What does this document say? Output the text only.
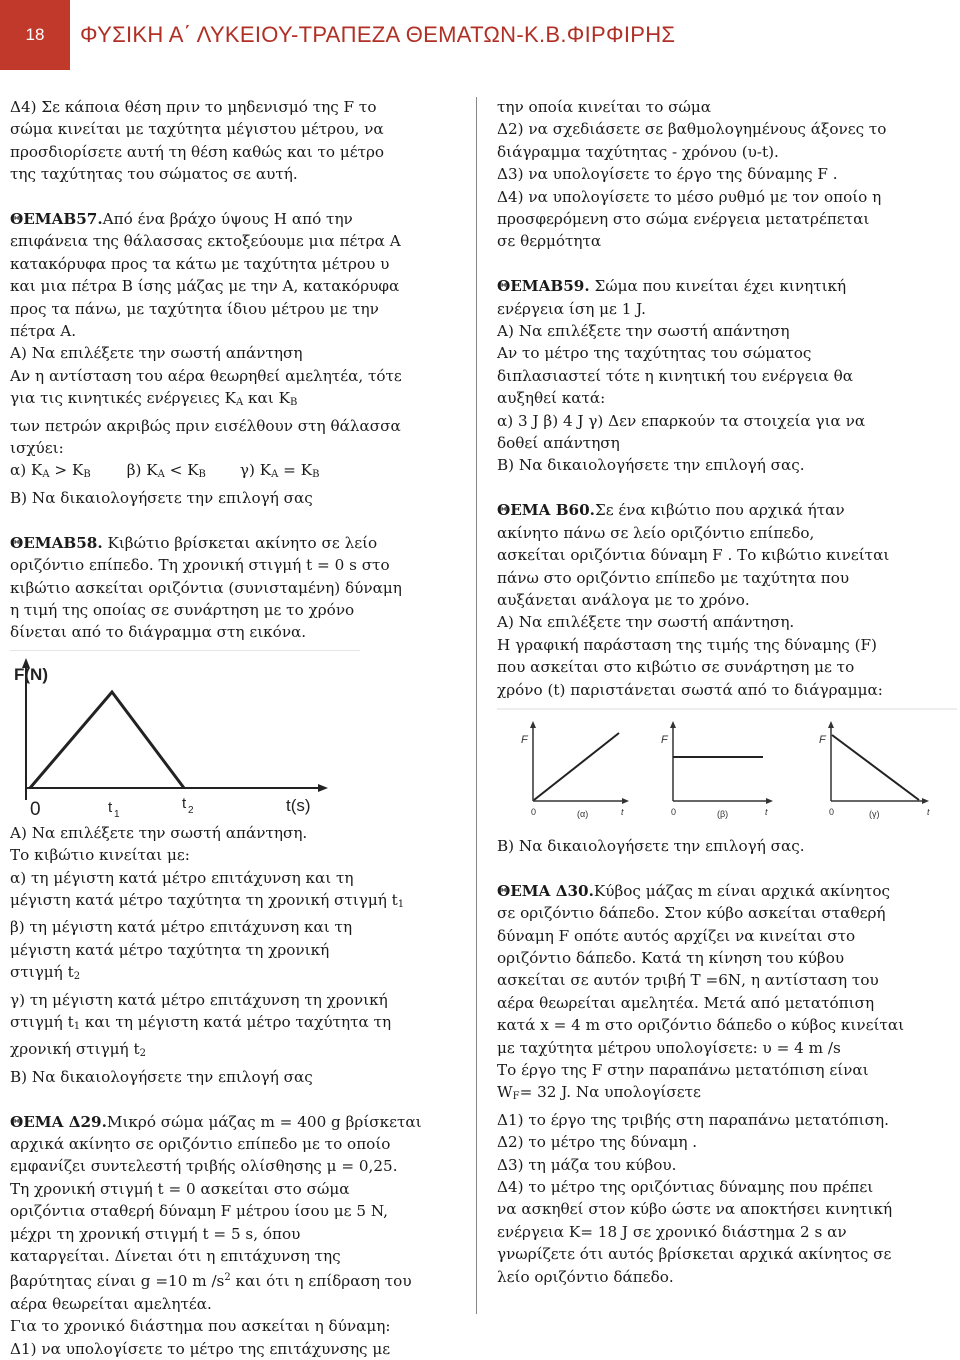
18	ΦΥΣΙΚΗ Α΄ ΛΥΚΕΙΟΥ-ΤΡΑΠΕΖΑ ΘΕΜΑΤΩΝ-Κ.Β.ΦΙΡΦΙΡΗΣ

Δ4) Σε κάποια θέση πριν το μηδενισμό της F το

σώμα κινείται με ταχύτητα μέγιστου μέτρου, να

προσδιορίσετε αυτή τη θέση καθώς και το μέτρο

της ταχύτητας του σώματος σε αυτή.

ΘΕΜΑΒ57.Από ένα βράχο ύψους Η από την

επιφάνεια της θάλασσας εκτοξεύουμε μια πέτρα Α

κατακόρυφα προς τα κάτω με ταχύτητα μέτρου υ

και μια πέτρα Β ίσης μάζας με την Α, κατακόρυφα

προς τα πάνω, με ταχύτητα ίδιου μέτρου με την

πέτρα Α.

Α) Να επιλέξετε την σωστή απάντηση

Αν η αντίσταση του αέρα θεωρηθεί αμελητέα, τότε

για τις κινητικές ενέργειες $K_A$ και $K_B$

των πετρών ακριβώς πριν εισέλθουν στη θάλασσα

ισχύει:

α) $K_A > K_B$ β) $K_A < K_B$ γ) $K_A = K_B$

Β) Να δικαιολογήσετε την επιλογή σας

ΘΕΜΑΒ58. Κιβώτιο βρίσκεται ακίνητο σε λείο

οριζόντιο επίπεδο. Τη χρονική στιγμή t = 0 s στο

κιβώτιο ασκείται οριζόντια (συνισταμένη) δύναμη

η τιμή της οποίας σε συνάρτηση με το χρόνο

δίνεται από το διάγραμμα στη εικόνα.

F(N)
0	t 1
t 2	t(s)

Α) Να επιλέξετε την σωστή απάντηση.

Το κιβώτιο κινείται με:

α) τη μέγιστη κατά μέτρο επιτάχυνση και τη

μέγιστη κατά μέτρο ταχύτητα τη χρονική στιγμή $t_1$

β) τη μέγιστη κατά μέτρο επιτάχυνση και τη

μέγιστη κατά μέτρο ταχύτητα τη χρονική

στιγμή $t_2$

γ) τη μέγιστη κατά μέτρο επιτάχυνση τη χρονική

στιγμή $t_1$ και τη μέγιστη κατά μέτρο ταχύτητα τη

χρονική στιγμή $t_2$

Β) Να δικαιολογήσετε την επιλογή σας

ΘΕΜΑ Δ29.Μικρό σώμα μάζας m = 400 g βρίσκεται

αρχικά ακίνητο σε οριζόντιο επίπεδο με το οποίο

εμφανίζει συντελεστή τριβής ολίσθησης μ = 0,25.

Τη χρονική στιγμή t = 0 ασκείται στο σώμα

οριζόντια σταθερή δύναμη F μέτρου ίσου με 5 N,

μέχρι τη χρονική στιγμή t = 5 s, όπου

καταργείται. Δίνεται ότι η επιτάχυνση της

βαρύτητας είναι g =10 m $/s^2$ και ότι η επίδραση του

αέρα θεωρείται αμελητέα.

Για το χρονικό διάστημα που ασκείται η δύναμη:

Δ1) να υπολογίσετε το μέτρο της επιτάχυνσης με

την οποία κινείται το σώμα

Δ2) να σχεδιάσετε σε βαθμολογημένους άξονες το

διάγραμμα ταχύτητας - χρόνου (υ-t).

Δ3) να υπολογίσετε το έργο της δύναμης F .

Δ4) να υπολογίσετε το μέσο ρυθμό με τον οποίο η

προσφερόμενη στο σώμα ενέργεια μετατρέπεται

σε θερμότητα

ΘΕΜΑΒ59. Σώμα που κινείται έχει κινητική

ενέργεια ίση με 1 J.

Α) Να επιλέξετε την σωστή απάντηση

Αν το μέτρο της ταχύτητας του σώματος

διπλασιαστεί τότε η κινητική του ενέργεια θα

αυξηθεί κατά:

α) 3 J β) 4 J γ) Δεν επαρκούν τα στοιχεία για να

δοθεί απάντηση

Β) Να δικαιολογήσετε την επιλογή σας.

ΘΕΜΑ Β60.Σε ένα κιβώτιο που αρχικά ήταν

ακίνητο πάνω σε λείο οριζόντιο επίπεδο,

ασκείται οριζόντια δύναμη F . Το κιβώτιο κινείται

πάνω στο οριζόντιο επίπεδο με ταχύτητα που

αυξάνεται ανάλογα με το χρόνο.

Α) Να επιλέξετε την σωστή απάντηση.

Η γραφική παράσταση της τιμής της δύναμης (F)

που ασκείται στο κιβώτιο σε συνάρτηση με το

χρόνο (t) παριστάνεται σωστά από το διάγραμμα:

F
0	t
(α)
F
0	t
(β)
F
0	t
(γ)

Β) Να δικαιολογήσετε την επιλογή σας.

ΘΕΜΑ Δ30.Κύβος μάζας m είναι αρχικά ακίνητος

σε οριζόντιο δάπεδο. Στον κύβο ασκείται σταθερή

δύναμη F οπότε αυτός αρχίζει να κινείται στο

οριζόντιο δάπεδο. Κατά τη κίνηση του κύβου

ασκείται σε αυτόν τριβή Τ =6Ν, η αντίσταση του

αέρα θεωρείται αμελητέα. Μετά από μετατόπιση

κατά x = 4 m στο οριζόντιο δάπεδο ο κύβος κινείται

με ταχύτητα μέτρου υπολογίσετε: υ = 4 m /s

Το έργο της F στην παραπάνω μετατόπιση είναι

$W_F= 32$ J. Να υπολογίσετε

Δ1) το έργο της τριβής στη παραπάνω μετατόπιση.

Δ2) το μέτρο της δύναμη .

Δ3) τη μάζα του κύβου.

Δ4) το μέτρο της οριζόντιας δύναμης που πρέπει

να ασκηθεί στον κύβο ώστε να αποκτήσει κινητική

ενέργεια K= 18 J σε χρονικό διάστημα 2 s αν

γνωρίζετε ότι αυτός βρίσκεται αρχικά ακίνητος σε

λείο οριζόντιο δάπεδο.
